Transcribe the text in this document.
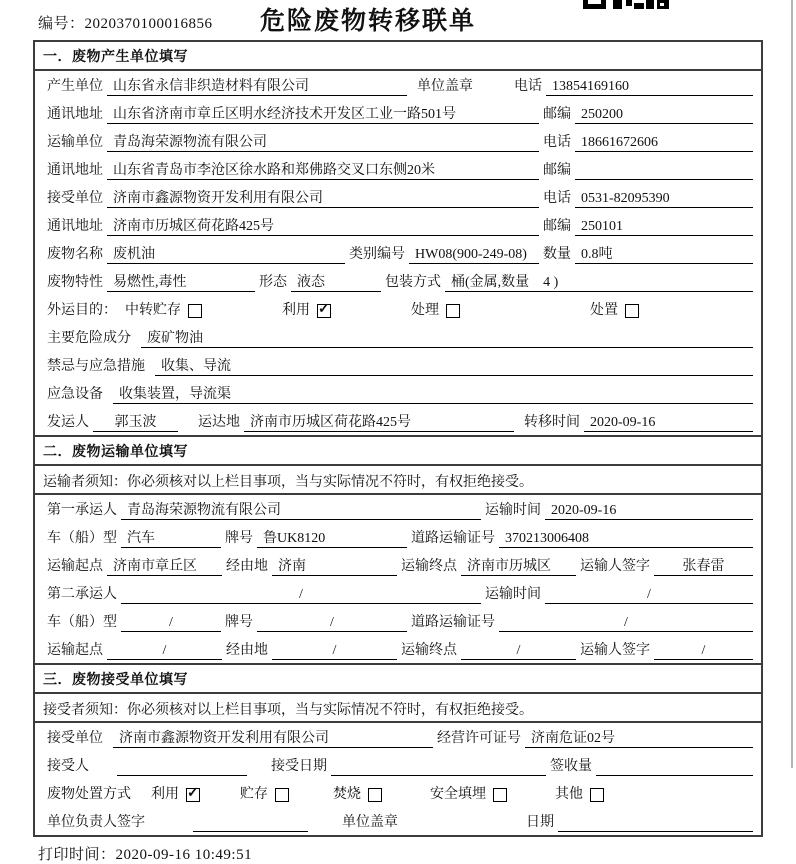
编号：2020370100016856	危险废物转移联单
一．废物产生单位填写
产生单位 山东省永信非织造材料有限公司	单位盖章	电话 13854169160
通讯地址 山东省济南市章丘区明水经济技术开发区工业一路501号	邮编 250200
运输单位 青岛海荣源物流有限公司	电话 18661672606
通讯地址 山东省青岛市李沧区徐水路和郑佛路交叉口东侧20米	邮编
接受单位 济南市鑫源物资开发利用有限公司	电话 0531-82095390
通讯地址 济南市历城区荷花路425号	邮编 250101
废物名称 废机油	类别编号 HW08(900-249-08)	数量 0.8吨
废物特性 易燃性,毒性	形态 液态	包装方式 桶(金属,数量　4 )
外运目的： 中转贮存	利用 ✓	处理	处置
主要危险成分	废矿物油
禁忌与应急措施	收集、导流
应急设备	收集装置，导流渠
发运人	郭玉波	运达地 济南市历城区荷花路425号	转移时间 2020-09-16
二．废物运输单位填写
运输者须知：你必须核对以上栏目事项，当与实际情况不符时，有权拒绝接受。
第一承运人 青岛海荣源物流有限公司	运输时间 2020-09-16
车（船）型 汽车	牌号 鲁UK8120	道路运输证号 370213006408
运输起点 济南市章丘区	经由地 济南	运输终点 济南市历城区	运输人签字	张春雷
第二承运人	/	运输时间	/
车（船）型	/	牌号	/	道路运输证号	/
运输起点	/	经由地	/	运输终点	/	运输人签字	/
三．废物接受单位填写
接受者须知：你必须核对以上栏目事项，当与实际情况不符时，有权拒绝接受。
接受单位	济南市鑫源物资开发利用有限公司	经营许可证号 济南危证02号
接受人	接受日期	签收量
废物处置方式 利用 ✓	贮存	焚烧	安全填埋	其他
单位负责人签字	单位盖章	日期
打印时间：2020-09-16 10:49:51
